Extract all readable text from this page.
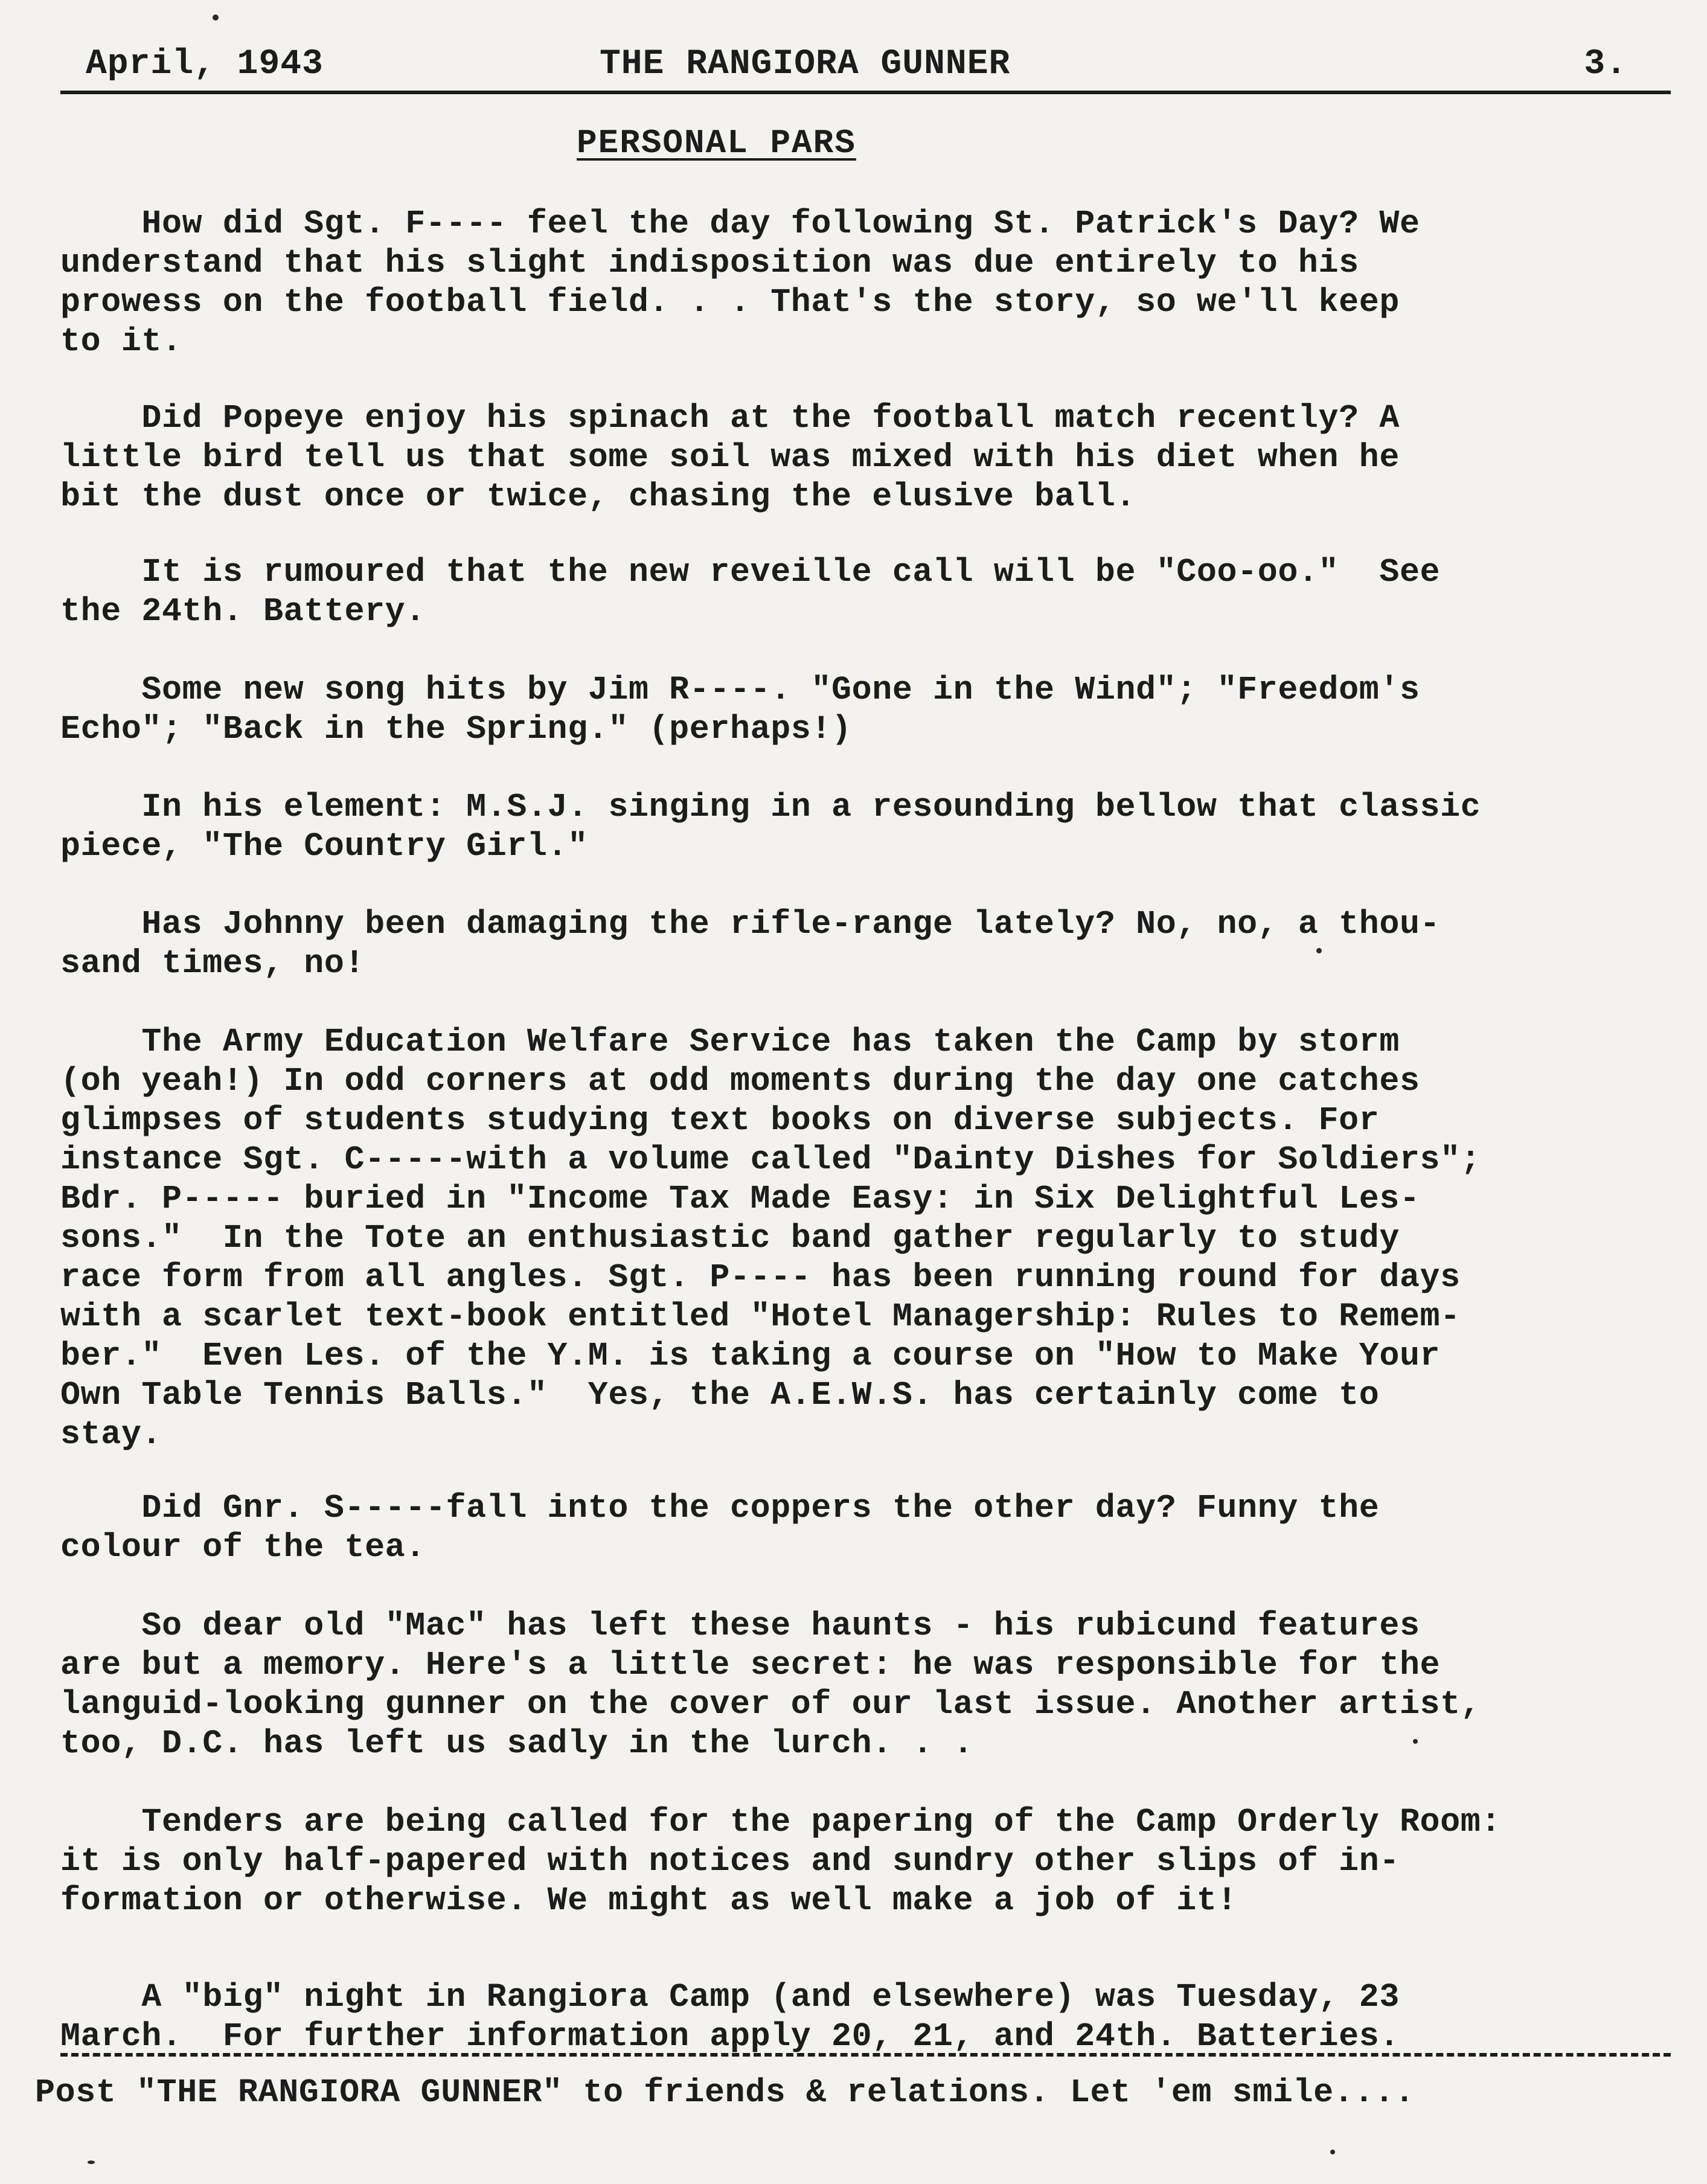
April, 1943	THE RANGIORA GUNNER	3.
PERSONAL PARS

How did Sgt. F---- feel the day following St. Patrick's Day? We
understand that his slight indisposition was due entirely to his
prowess on the football field. . . That's the story, so we'll keep
to it.

Did Popeye enjoy his spinach at the football match recently? A
little bird tell us that some soil was mixed with his diet when he
bit the dust once or twice, chasing the elusive ball.

It is rumoured that the new reveille call will be "Coo-oo."  See
the 24th. Battery.

Some new song hits by Jim R----. "Gone in the Wind"; "Freedom's
Echo"; "Back in the Spring." (perhaps!)

In his element: M.S.J. singing in a resounding bellow that classic
piece, "The Country Girl."

Has Johnny been damaging the rifle-range lately? No, no, a thou-
sand times, no!

The Army Education Welfare Service has taken the Camp by storm
(oh yeah!) In odd corners at odd moments during the day one catches
glimpses of students studying text books on diverse subjects. For
instance Sgt. C-----with a volume called "Dainty Dishes for Soldiers";
Bdr. P----- buried in "Income Tax Made Easy: in Six Delightful Les-
sons."  In the Tote an enthusiastic band gather regularly to study
race form from all angles. Sgt. P---- has been running round for days
with a scarlet text-book entitled "Hotel Managership: Rules to Remem-
ber."  Even Les. of the Y.M. is taking a course on "How to Make Your
Own Table Tennis Balls."  Yes, the A.E.W.S. has certainly come to
stay.

Did Gnr. S-----fall into the coppers the other day? Funny the
colour of the tea.

So dear old "Mac" has left these haunts - his rubicund features
are but a memory. Here's a little secret: he was responsible for the
languid-looking gunner on the cover of our last issue. Another artist,
too, D.C. has left us sadly in the lurch. . .

Tenders are being called for the papering of the Camp Orderly Room:
it is only half-papered with notices and sundry other slips of in-
formation or otherwise. We might as well make a job of it!

A "big" night in Rangiora Camp (and elsewhere) was Tuesday, 23
March.  For further information apply 20, 21, and 24th. Batteries.

Post "THE RANGIORA GUNNER" to friends & relations. Let 'em smile....
